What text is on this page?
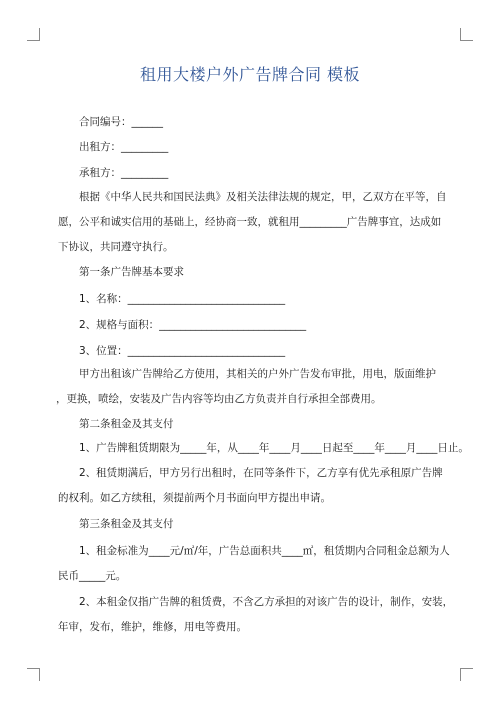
租用大楼户外广告牌合同 模板
合同编号：______
出租方：_________
承租方：_________
根据《中华人民共和国民法典》及相关法律法规的规定，甲，乙双方在平等，自
愿，公平和诚实信用的基础上，经协商一致，就租用_________广告牌事宜，达成如
下协议，共同遵守执行。
第一条广告牌基本要求
1、名称：______________________________
2、规格与面积：____________________________
3、位置：______________________________
甲方出租该广告牌给乙方使用，其相关的户外广告发布审批，用电，版面维护
，更换，喷绘，安装及广告内容等均由乙方负责并自行承担全部费用。
第二条租金及其支付
1、广告牌租赁期限为_____年，从____年____月____日起至____年____月____日止。
2、租赁期满后，甲方另行出租时，在同等条件下，乙方享有优先承租原广告牌
的权利。如乙方续租，须提前两个月书面向甲方提出申请。
第三条租金及其支付
1、租金标准为____元/㎡/年，广告总面积共____㎡，租赁期内合同租金总额为人
民币_____元。
2、本租金仅指广告牌的租赁费，不含乙方承担的对该广告的设计，制作，安装，
年审，发布，维护，维修，用电等费用。
